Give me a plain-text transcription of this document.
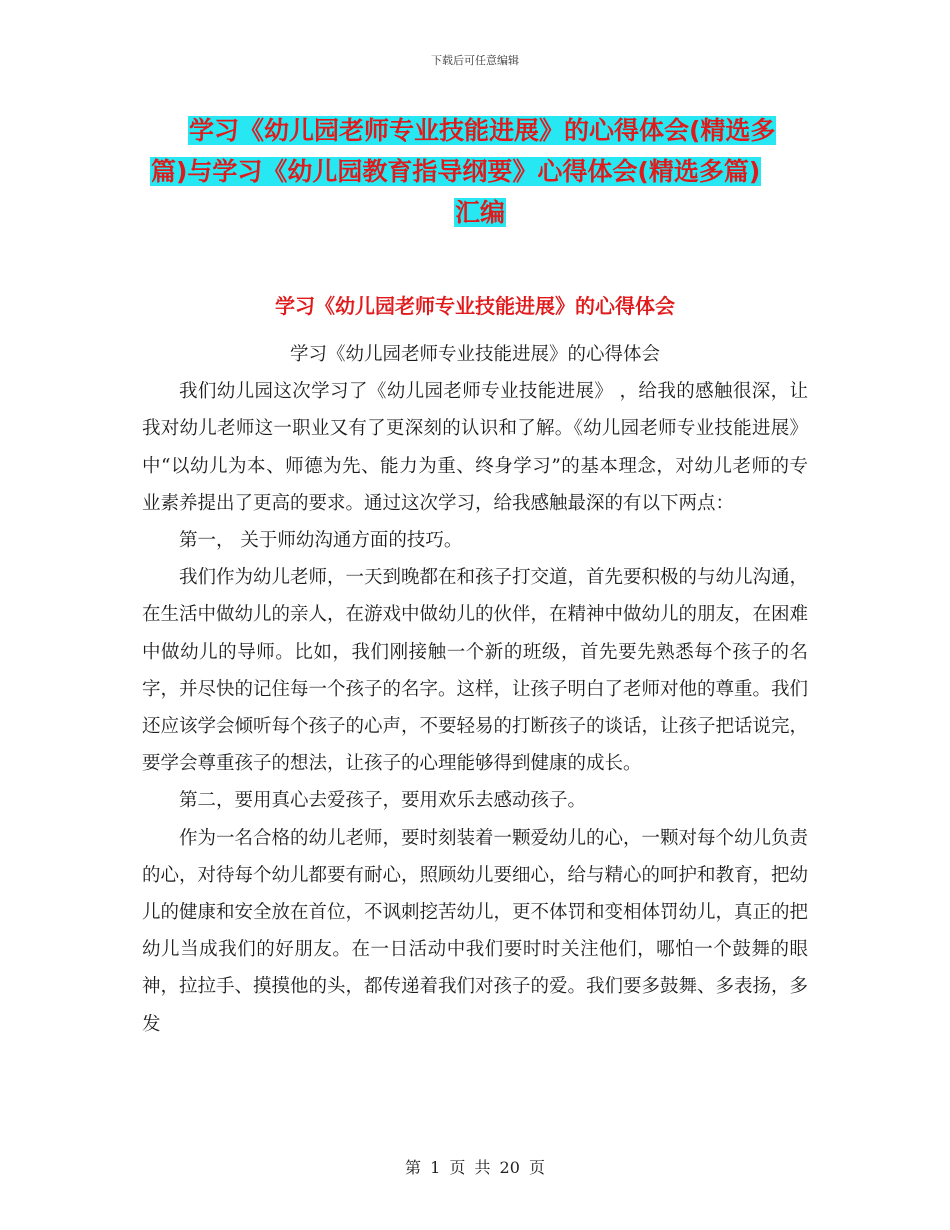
下载后可任意编辑
学习《幼儿园老师专业技能进展》的心得体会(精选多
篇)与学习《幼儿园教育指导纲要》心得体会(精选多篇)
汇编
学习《幼儿园老师专业技能进展》的心得体会

学习《幼儿园老师专业技能进展》的心得体会

我们幼儿园这次学习了《幼儿园老师专业技能进展》 ，给我的感触很深，让我对幼儿老师这一职业又有了更深刻的认识和了解。《幼儿园老师专业技能进展》中“以幼儿为本、师德为先、能力为重、终身学习”的基本理念，对幼儿老师的专业素养提出了更高的要求。通过这次学习，给我感触最深的有以下两点：

第一， 关于师幼沟通方面的技巧。

我们作为幼儿老师，一天到晚都在和孩子打交道，首先要积极的与幼儿沟通，在生活中做幼儿的亲人，在游戏中做幼儿的伙伴，在精神中做幼儿的朋友，在困难中做幼儿的导师。比如，我们刚接触一个新的班级，首先要先熟悉每个孩子的名字，并尽快的记住每一个孩子的名字。这样，让孩子明白了老师对他的尊重。我们还应该学会倾听每个孩子的心声，不要轻易的打断孩子的谈话，让孩子把话说完，要学会尊重孩子的想法，让孩子的心理能够得到健康的成长。

第二，要用真心去爱孩子，要用欢乐去感动孩子。

作为一名合格的幼儿老师，要时刻装着一颗爱幼儿的心，一颗对每个幼儿负责的心，对待每个幼儿都要有耐心，照顾幼儿要细心，给与精心的呵护和教育，把幼儿的健康和安全放在首位，不讽刺挖苦幼儿，更不体罚和变相体罚幼儿，真正的把幼儿当成我们的好朋友。在一日活动中我们要时时关注他们，哪怕一个鼓舞的眼神，拉拉手、摸摸他的头，都传递着我们对孩子的爱。我们要多鼓舞、多表扬，多发

第 1 页 共 20 页
